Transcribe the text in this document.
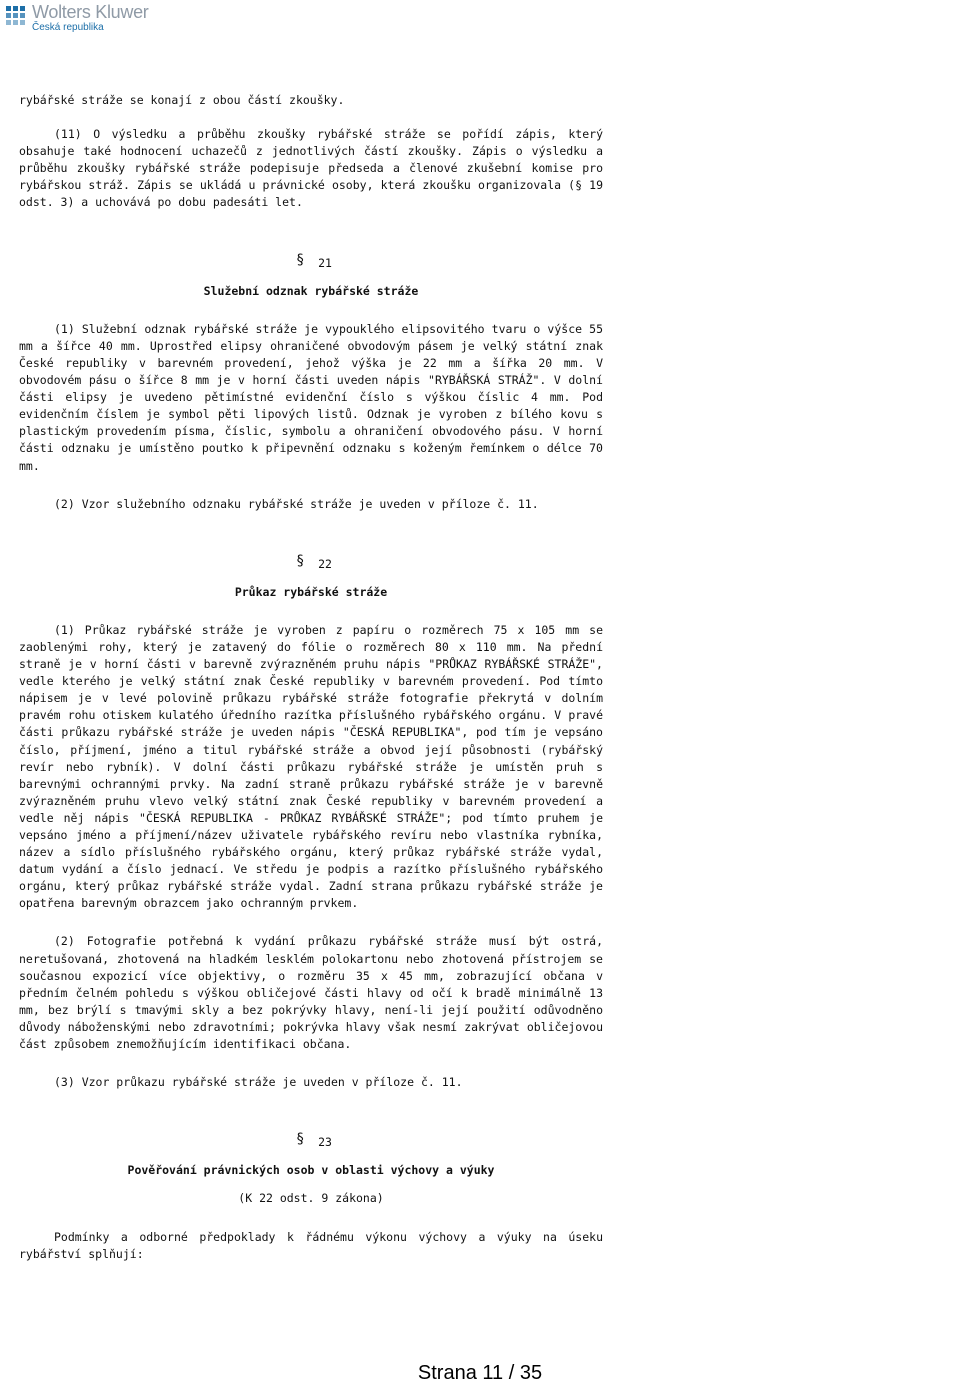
Wolters Kluwer
Česká republika

rybářské stráže se konají z obou částí zkoušky.

(11) O výsledku a průběhu zkoušky rybářské stráže se pořídí zápis, který obsahuje také hodnocení uchazečů z jednotlivých částí zkoušky. Zápis o výsledku a průběhu zkoušky rybářské stráže podepisuje předseda a členové zkušební komise pro rybářskou stráž. Zápis se ukládá u právnické osoby, která zkoušku organizovala (§ 19 odst. 3) a uchovává po dobu padesáti let.

§ 21

Služební odznak rybářské stráže

(1) Služební odznak rybářské stráže je vypouklého elipsovitého tvaru o výšce 55 mm a šířce 40 mm. Uprostřed elipsy ohraničené obvodovým pásem je velký státní znak České republiky v barevném provedení, jehož výška je 22 mm a šířka 20 mm. V obvodovém pásu o šířce 8 mm je v horní části uveden nápis "RYBÁŘSKÁ STRÁŽ". V dolní části elipsy je uvedeno pětimístné evidenční číslo s výškou číslic 4 mm. Pod evidenčním číslem je symbol pěti lipových listů. Odznak je vyroben z bílého kovu s plastickým provedením písma, číslic, symbolu a ohraničení obvodového pásu. V horní části odznaku je umístěno poutko k připevnění odznaku s koženým řemínkem o délce 70 mm.

(2) Vzor služebního odznaku rybářské stráže je uveden v příloze č. 11.

§ 22

Průkaz rybářské stráže

(1) Průkaz rybářské stráže je vyroben z papíru o rozměrech 75 x 105 mm se zaoblenými rohy, který je zatavený do fólie o rozměrech 80 x 110 mm. Na přední straně je v horní části v barevně zvýrazněném pruhu nápis "PRŮKAZ RYBÁŘSKÉ STRÁŽE", vedle kterého je velký státní znak České republiky v barevném provedení. Pod tímto nápisem je v levé polovině průkazu rybářské stráže fotografie překrytá v dolním pravém rohu otiskem kulatého úředního razítka příslušného rybářského orgánu. V pravé části průkazu rybářské stráže je uveden nápis "ČESKÁ REPUBLIKA", pod tím je vepsáno číslo, příjmení, jméno a titul rybářské stráže a obvod její působnosti (rybářský revír nebo rybník). V dolní části průkazu rybářské stráže je umístěn pruh s barevnými ochrannými prvky. Na zadní straně průkazu rybářské stráže je v barevně zvýrazněném pruhu vlevo velký státní znak České republiky v barevném provedení a vedle něj nápis "ČESKÁ REPUBLIKA - PRŮKAZ RYBÁŘSKÉ STRÁŽE"; pod tímto pruhem je vepsáno jméno a příjmení/název uživatele rybářského revíru nebo vlastníka rybníka, název a sídlo příslušného rybářského orgánu, který průkaz rybářské stráže vydal, datum vydání a číslo jednací. Ve středu je podpis a razítko příslušného rybářského orgánu, který průkaz rybářské stráže vydal. Zadní strana průkazu rybářské stráže je opatřena barevným obrazcem jako ochranným prvkem.

(2) Fotografie potřebná k vydání průkazu rybářské stráže musí být ostrá, neretušovaná, zhotovená na hladkém lesklém polokartonu nebo zhotovená přístrojem se současnou expozicí více objektivy, o rozměru 35 x 45 mm, zobrazující občana v předním čelném pohledu s výškou obličejové části hlavy od očí k bradě minimálně 13 mm, bez brýlí s tmavými skly a bez pokrývky hlavy, není-li její použití odůvodněno důvody náboženskými nebo zdravotními; pokrývka hlavy však nesmí zakrývat obličejovou část způsobem znemožňujícím identifikaci občana.

(3) Vzor průkazu rybářské stráže je uveden v příloze č. 11.

§ 23

Pověřování právnických osob v oblasti výchovy a výuky

(K 22 odst. 9 zákona)

Podmínky a odborné předpoklady k řádnému výkonu výchovy a výuky na úseku rybářství splňují:

Strana 11 / 35
